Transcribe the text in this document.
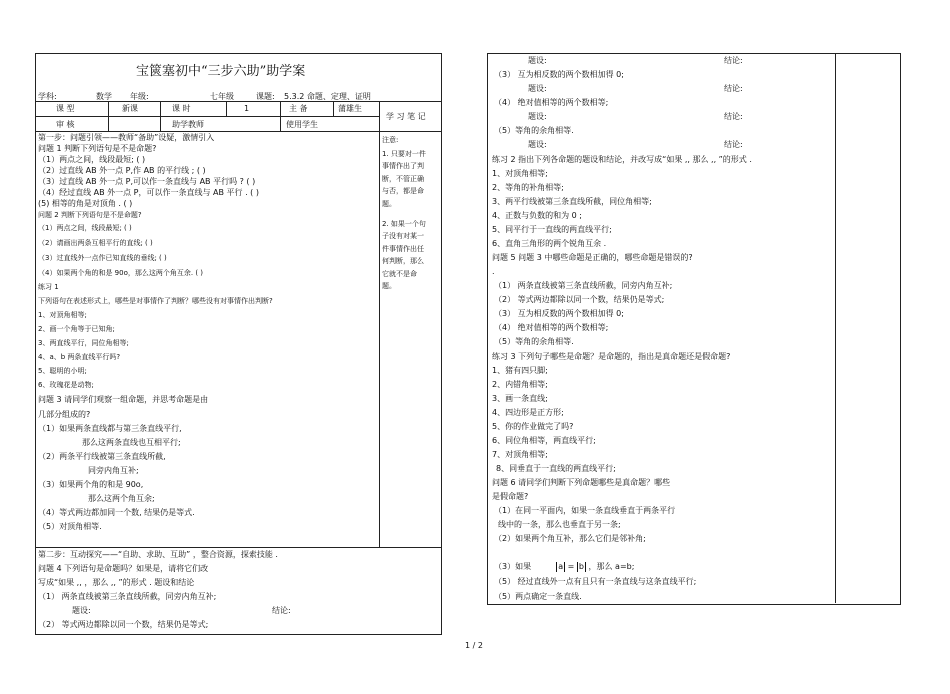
宝篋塞初中“三步六助”助学案
学科:	数学 年级:	七年级	课题: 5.3.2 命题、定理、证明
课 型	新课	课 时	1	主 备	蒲雄生
审 核	助学教师	使用学生
学 习 笔 记
注意:
1. 只要对一件事情作出了判断，不管正确与否，都是命题。
2. 如果一个句子没有对某一件事情作出任何判断，那么它就不是命题。
第一步：问题引领——教师“备助”设疑，激情引入
问题 1 判断下列语句是不是命题?
（1）两点之间，线段最短; ( )
（2）过直线 AB 外一点 P,作 AB 的平行线 ; ( )
（3）过直线 AB 外一点 P,可以作一条直线与 AB 平行吗 ? ( )
（4）经过直线 AB 外一点 P，可以作一条直线与 AB 平行 . ( )
(5) 相等的角是对顶角 . ( )
问题 2 判断下列语句是不是命题?
（1）两点之间，线段最短; ( )
（2）请画出两条互相平行的直线; ( )
（3）过直线外一点作已知直线的垂线; ( )
（4）如果两个角的和是 90o，那么这两个角互余. ( )
练习 1
下列语句在表述形式上，哪些是对事情作了判断？哪些没有对事情作出判断?
1、对顶角相等;
2、画一个角等于已知角;
3、两直线平行，同位角相等;
4、a、b 两条直线平行吗?
5、聪明的小明;
6、玫瑰花是动物;
问题 3 请同学们观察一组命题，并思考命题是由
几部分组成的?
（1）如果两条直线都与第三条直线平行,
那么这两条直线也互相平行;
（2）两条平行线被第三条直线所截,
同旁内角互补;
（3）如果两个角的和是 90o,
那么这两个角互余;
（4）等式两边都加同一个数, 结果仍是等式.
（5）对顶角相等.
第二步：互动探究——“自助、求助、互助” ，整合资源，探索技能 .
问题 4 下列语句是命题吗？如果是，请将它们改
写成“如果 ,, ，那么 ,, ”的形式 . 题设和结论
（1） 两条直线被第三条直线所截，同旁内角互补;
题设:	结论:
（2） 等式两边都除以同一个数，结果仍是等式;
题设:	结论:
（3） 互为相反数的两个数相加得 0;
题设:	结论:
（4） 绝对值相等的两个数相等;
题设:	结论:
（5）等角的余角相等.
题设:	结论:
练习 2 指出下列各命题的题设和结论，并改写成“如果 ,, 那么 ,, ”的形式 .
1、对顶角相等;
2、等角的补角相等;
3、两平行线被第三条直线所截，同位角相等;
4、正数与负数的和为 0 ;
5、同平行于一直线的两直线平行;
6、直角三角形的两个锐角互余 .
问题 5 问题 3 中哪些命题是正确的，哪些命题是错误的?
.
（1） 两条直线被第三条直线所截，同旁内角互补;
（2） 等式两边都除以同一个数，结果仍是等式;
（3） 互为相反数的两个数相加得 0;
（4） 绝对值相等的两个数相等;
（5）等角的余角相等.
练习 3 下列句子哪些是命题？是命题的，指出是真命题还是假命题?
1、猪有四只脚;
2、内错角相等;
3、画一条直线;
4、四边形是正方形;
5、你的作业做完了吗?
6、同位角相等，两直线平行;
7、对顶角相等;
8、同垂直于一直线的两直线平行;
问题 6 请同学们判断下列命题哪些是真命题？哪些
是假命题?
（1）在同一平面内，如果一条直线垂直于两条平行
线中的一条，那么也垂直于另一条;
（2）如果两个角互补，那么它们是邻补角;
（3）如果	a = b ，那么 a=b;
（5） 经过直线外一点有且只有一条直线与这条直线平行;
（5）两点确定一条直线.
1 / 2
